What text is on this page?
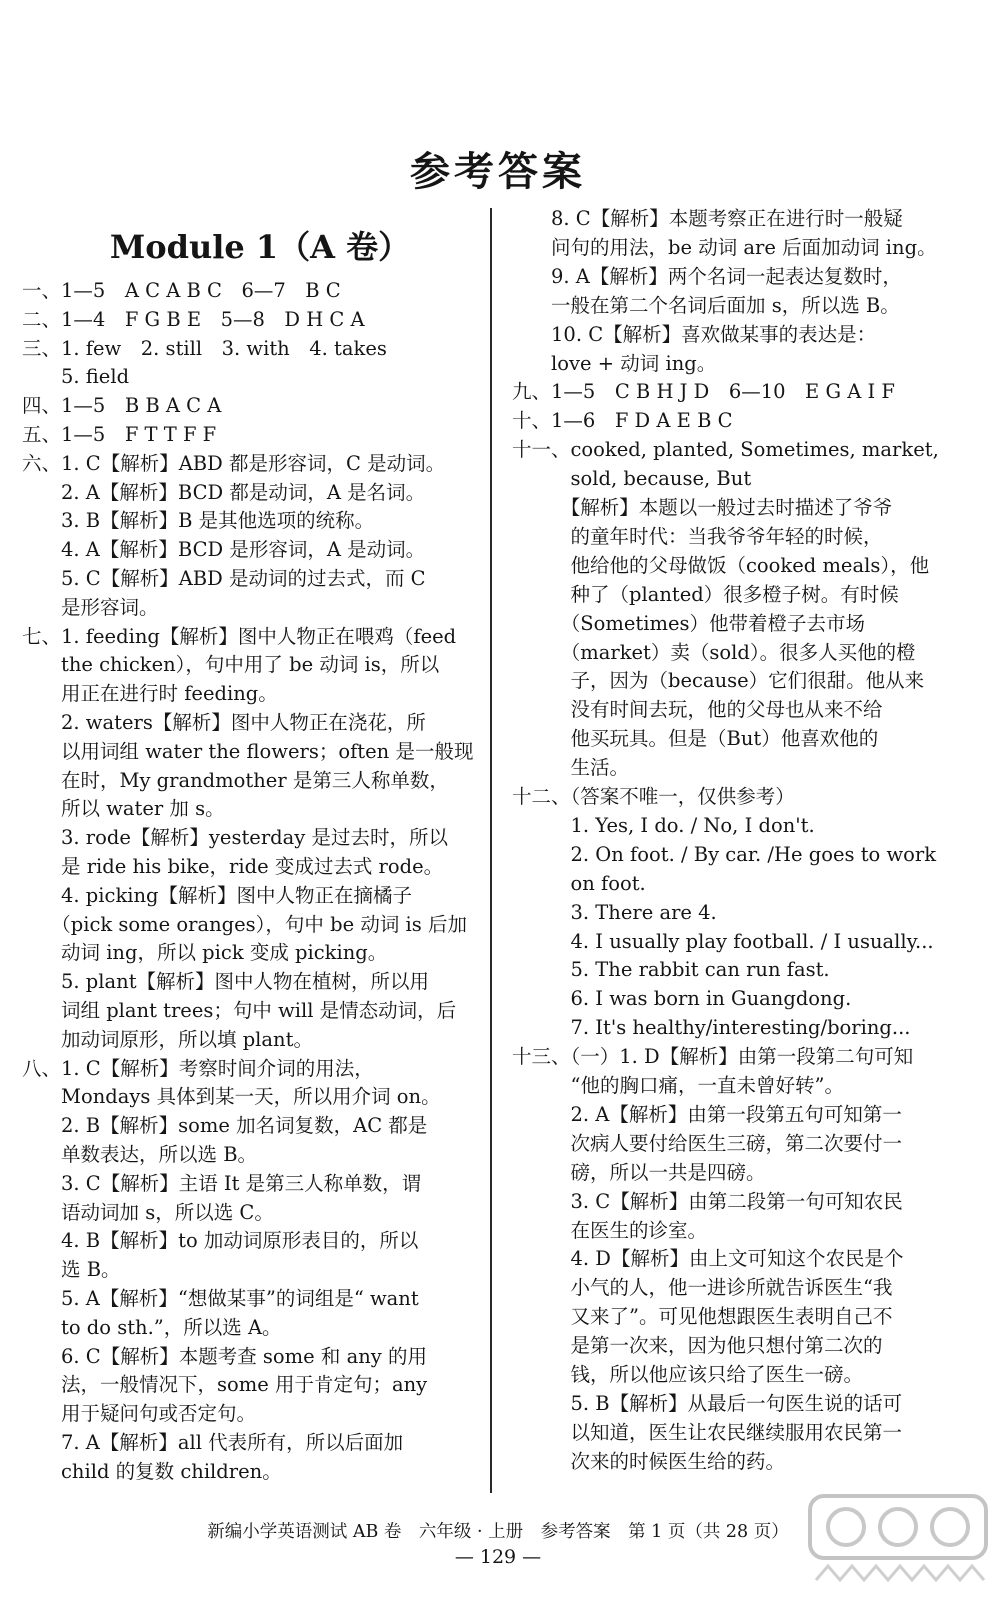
参考答案
Module 1（A 卷）
一、1—5　A C A B C　6—7　B C
二、1—4　F G B E　5—8　D H C A
三、1. few　2. still　3. with　4. takes
　　5. field
四、1—5　B B A C A
五、1—5　F T T F F
六、1. C【解析】ABD 都是形容词，C 是动词。
　　2. A【解析】BCD 都是动词，A 是名词。
　　3. B【解析】B 是其他选项的统称。
　　4. A【解析】BCD 是形容词，A 是动词。
　　5. C【解析】ABD 是动词的过去式，而 C
　　是形容词。
七、1. feeding【解析】图中人物正在喂鸡（feed
　　the chicken），句中用了 be 动词 is，所以
　　用正在进行时 feeding。
　　2. waters【解析】图中人物正在浇花，所
　　以用词组 water the flowers；often 是一般现
　　在时，My grandmother 是第三人称单数，
　　所以 water 加 s。
　　3. rode【解析】yesterday 是过去时，所以
　　是 ride his bike，ride 变成过去式 rode。
　　4. picking【解析】图中人物正在摘橘子
　　（pick some oranges），句中 be 动词 is 后加
　　动词 ing，所以 pick 变成 picking。
　　5. plant【解析】图中人物在植树，所以用
　　词组 plant trees；句中 will 是情态动词，后
　　加动词原形，所以填 plant。
八、1. C【解析】考察时间介词的用法，
　　Mondays 具体到某一天，所以用介词 on。
　　2. B【解析】some 加名词复数，AC 都是
　　单数表达，所以选 B。
　　3. C【解析】主语 It 是第三人称单数，谓
　　语动词加 s，所以选 C。
　　4. B【解析】to 加动词原形表目的，所以
　　选 B。
　　5. A【解析】“想做某事”的词组是“ want
　　to do sth.”，所以选 A。
　　6. C【解析】本题考查 some 和 any 的用
　　法，一般情况下，some 用于肯定句；any
　　用于疑问句或否定句。
　　7. A【解析】all 代表所有，所以后面加
　　child 的复数 children。
　　8. C【解析】本题考察正在进行时一般疑
　　问句的用法，be 动词 are 后面加动词 ing。
　　9. A【解析】两个名词一起表达复数时，
　　一般在第二个名词后面加 s，所以选 B。
　　10. C【解析】喜欢做某事的表达是：
　　love + 动词 ing。
九、1—5　C B H J D　6—10　E G A I F
十、1—6　F D A E B C
十一、cooked, planted, Sometimes, market,
　　　sold, because, But
　　　【解析】本题以一般过去时描述了爷爷
　　　的童年时代：当我爷爷年轻的时候，
　　　他给他的父母做饭（cooked meals），他
　　　种了（planted）很多橙子树。有时候
　　　（Sometimes）他带着橙子去市场
　　　（market）卖（sold）。很多人买他的橙
　　　子，因为（because）它们很甜。他从来
　　　没有时间去玩，他的父母也从来不给
　　　他买玩具。但是（But）他喜欢他的
　　　生活。
十二、（答案不唯一，仅供参考）
　　　1. Yes, I do. / No, I don't.
　　　2. On foot. / By car. /He goes to work
　　　on foot.
　　　3. There are 4.
　　　4. I usually play football. / I usually...
　　　5. The rabbit can run fast.
　　　6. I was born in Guangdong.
　　　7. It's healthy/interesting/boring...
十三、（一）1. D【解析】由第一段第二句可知
　　　“他的胸口痛，一直未曾好转”。
　　　2. A【解析】由第一段第五句可知第一
　　　次病人要付给医生三磅，第二次要付一
　　　磅，所以一共是四磅。
　　　3. C【解析】由第二段第一句可知农民
　　　在医生的诊室。
　　　4. D【解析】由上文可知这个农民是个
　　　小气的人，他一进诊所就告诉医生“我
　　　又来了”。可见他想跟医生表明自己不
　　　是第一次来，因为他只想付第二次的
　　　钱，所以他应该只给了医生一磅。
　　　5. B【解析】从最后一句医生说的话可
　　　以知道，医生让农民继续服用农民第一
　　　次来的时候医生给的药。
新编小学英语测试 AB 卷　六年级 · 上册　参考答案　第 1 页（共 28 页）
— 129 —
